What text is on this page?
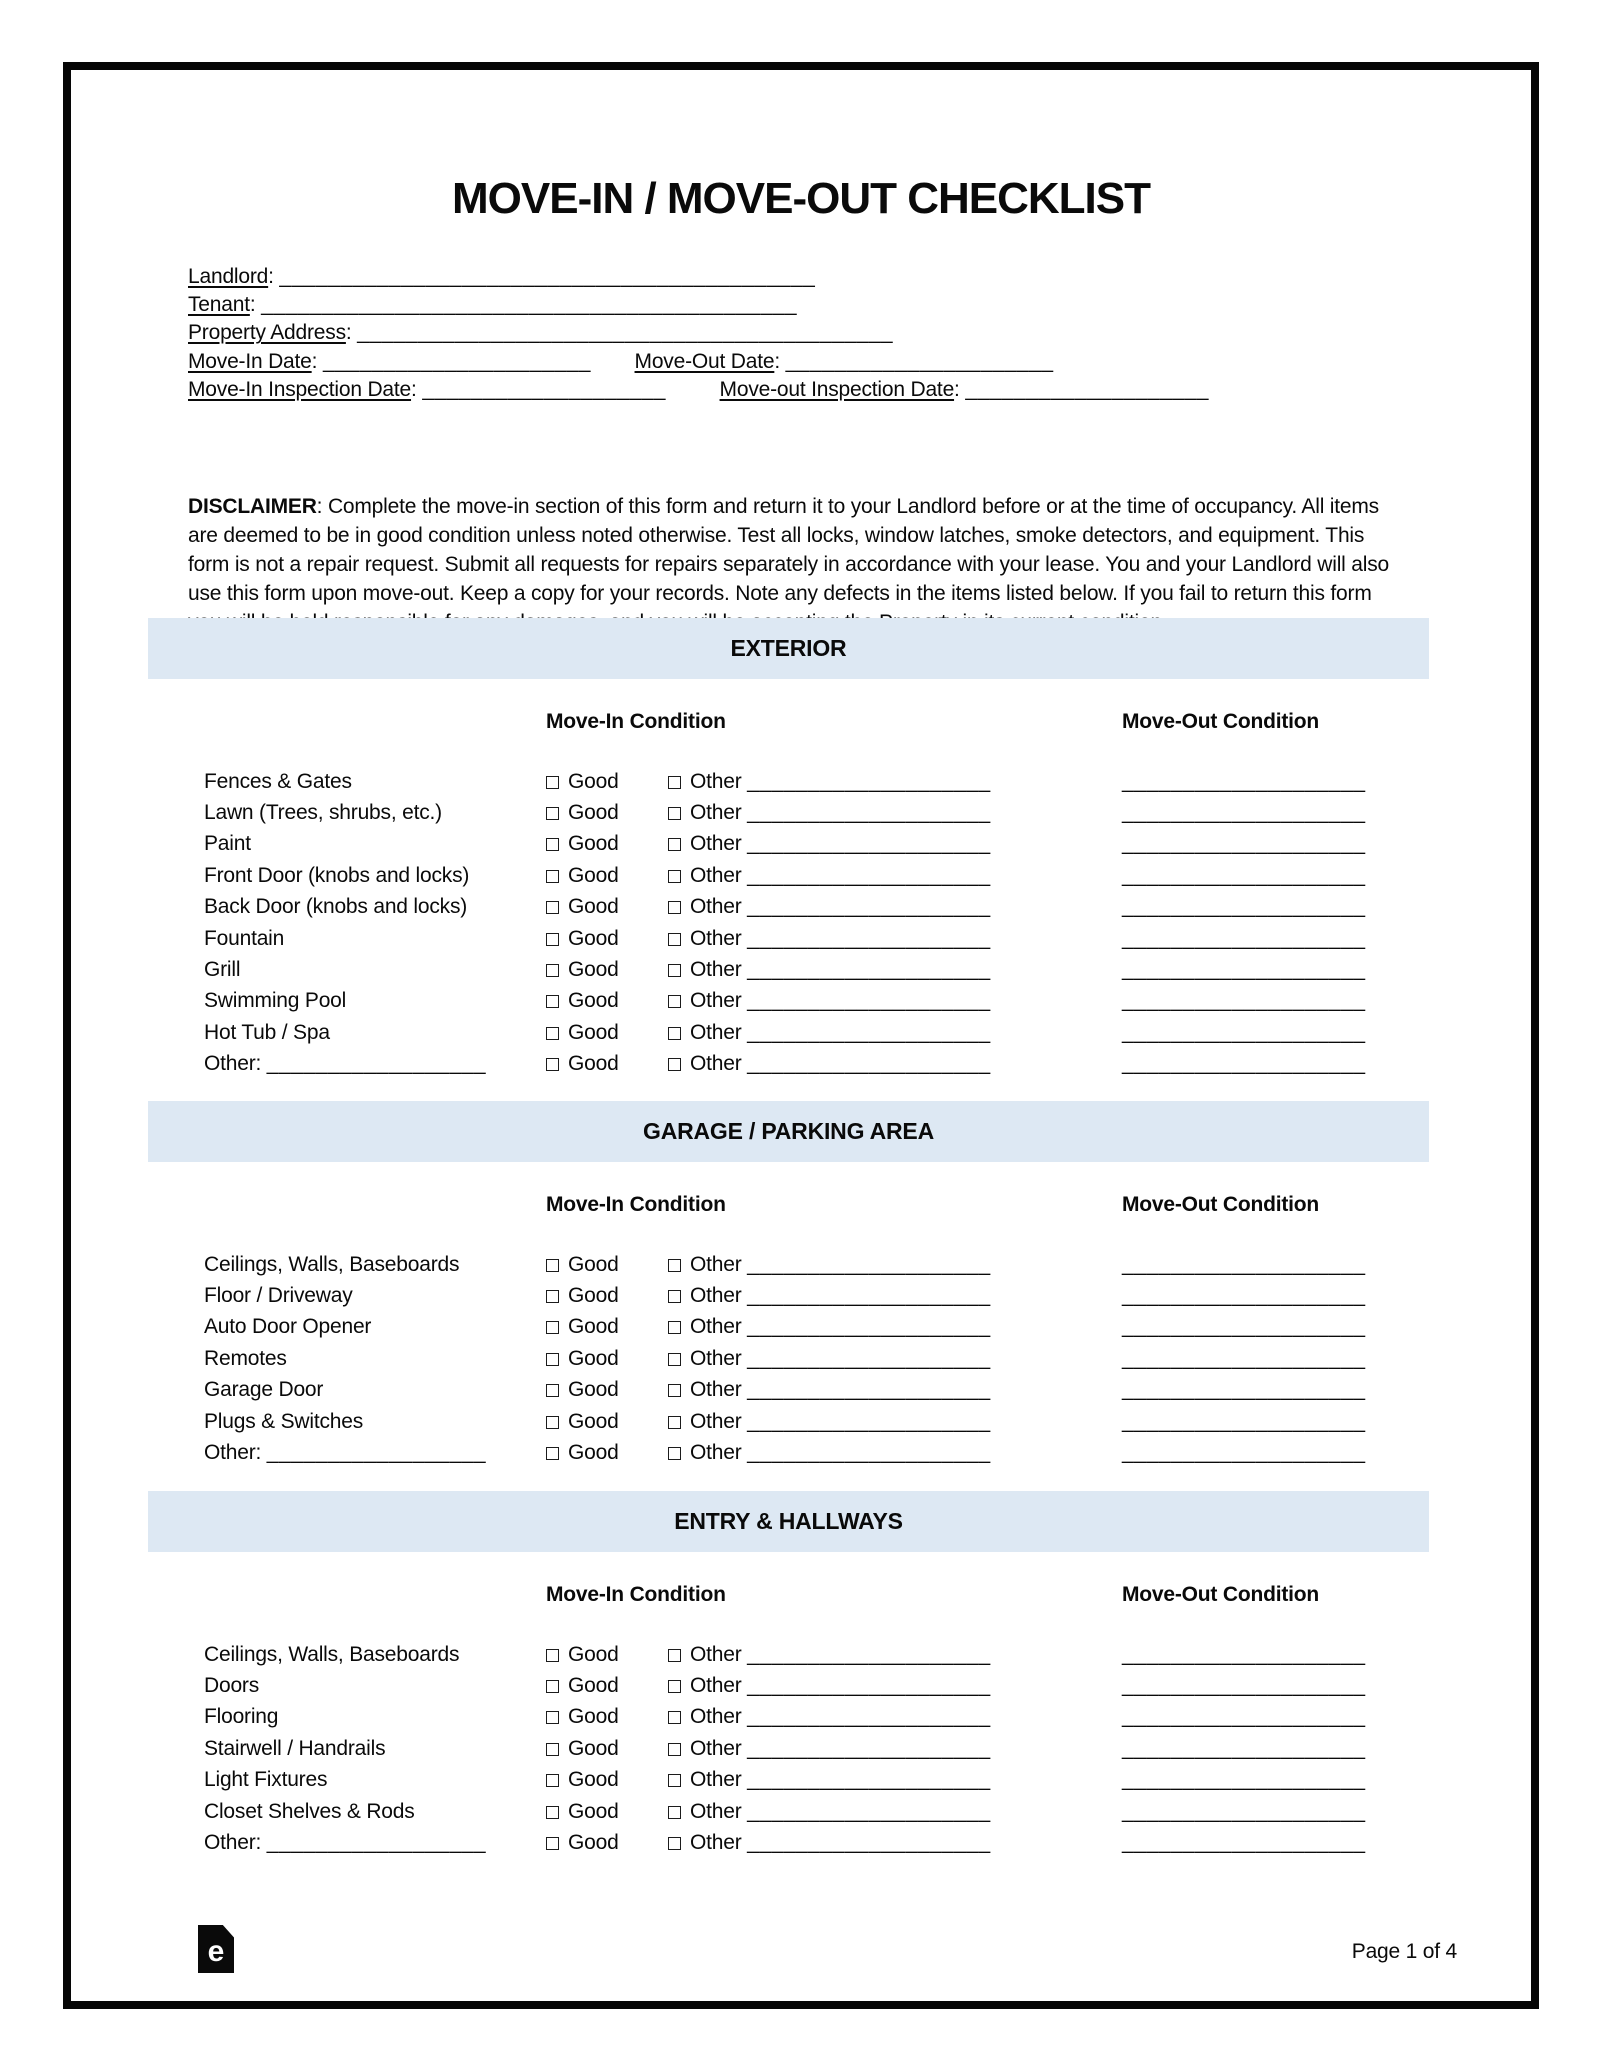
MOVE-IN / MOVE-OUT CHECKLIST
Landlord: ____________________________________________
Tenant: ____________________________________________
Property Address: ____________________________________________
Move-In Date: ______________________ Move-Out Date: ______________________
Move-In Inspection Date: ____________________	Move-out Inspection Date: ____________________

DISCLAIMER: Complete the move-in section of this form and return it to your Landlord before or at the time of occupancy. All items are deemed to be in good condition unless noted otherwise. Test all locks, window latches, smoke detectors, and equipment. This form is not a repair request. Submit all requests for repairs separately in accordance with your lease. You and your Landlord will also use this form upon move-out. Keep a copy for your records. Note any defects in the items listed below. If you fail to return this form

EXTERIOR
Move-In Condition	Move-Out Condition
Fences & Gates	Good	Other ____________________	____________________
Lawn (Trees, shrubs, etc.)	Good	Other ____________________	____________________
Paint	Good	Other ____________________	____________________
Front Door (knobs and locks)	Good	Other ____________________	____________________
Back Door (knobs and locks)	Good	Other ____________________	____________________
Fountain	Good	Other ____________________	____________________
Grill	Good	Other ____________________	____________________
Swimming Pool	Good	Other ____________________	____________________
Hot Tub / Spa	Good	Other ____________________	____________________
Other: __________________	Good	Other ____________________	____________________
GARAGE / PARKING AREA
Move-In Condition	Move-Out Condition
Ceilings, Walls, Baseboards	Good	Other ____________________	____________________
Floor / Driveway	Good	Other ____________________	____________________
Auto Door Opener	Good	Other ____________________	____________________
Remotes	Good	Other ____________________	____________________
Garage Door	Good	Other ____________________	____________________
Plugs & Switches	Good	Other ____________________	____________________
Other: __________________	Good	Other ____________________	____________________
ENTRY & HALLWAYS
Move-In Condition	Move-Out Condition
Ceilings, Walls, Baseboards	Good	Other ____________________	____________________
Doors	Good	Other ____________________	____________________
Flooring	Good	Other ____________________	____________________
Stairwell / Handrails	Good	Other ____________________	____________________
Light Fixtures	Good	Other ____________________	____________________
Closet Shelves & Rods	Good	Other ____________________	____________________
Other: __________________	Good	Other ____________________	____________________
e	Page 1 of 4
